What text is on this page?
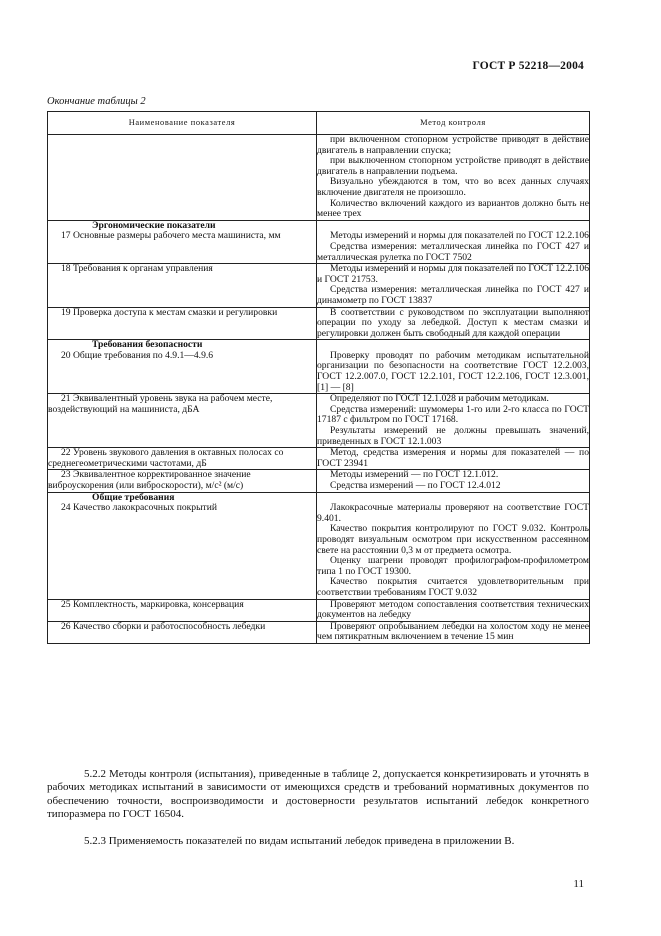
ГОСТ Р 52218—2004
Окончание таблицы 2
Наименование показателя	Метод контроля

	при включенном стопорном устройстве приводят в действие двигатель в направлении спуска;
при выключенном стопорном устройстве приводят в действие двигатель в направлении подъема.
Визуально убеждаются в том, что во всех данных случаях включение двигателя не произошло.
Количество включений каждого из вариантов должно быть не менее трех

Эргономические показатели	

17 Основные размеры рабочего места машиниста, мм	Методы измерений и нормы для показателей по ГОСТ 12.2.106
Средства измерения: металлическая линейка по ГОСТ 427 и металлическая рулетка по ГОСТ 7502

18 Требования к органам управления	Методы измерений и нормы для показателей по ГОСТ 12.2.106 и ГОСТ 21753.
Средства измерения: металлическая линейка по ГОСТ 427 и динамометр по ГОСТ 13837

19 Проверка доступа к местам смазки и регулировки	В соответствии с руководством по эксплуатации выполняют операции по уходу за лебедкой. Доступ к местам смазки и регулировки должен быть свободный для каждой операции

Требования безопасности	

20 Общие требования по 4.9.1—4.9.6	Проверку проводят по рабочим методикам испытательной организации по безопасности на соответствие ГОСТ 12.2.003, ГОСТ 12.2.007.0, ГОСТ 12.2.101, ГОСТ 12.2.106, ГОСТ 12.3.001, [1] — [8]

21 Эквивалентный уровень звука на рабочем месте, воздействующий на машиниста, дБА	Определяют по ГОСТ 12.1.028 и рабочим методикам.
Средства измерений: шумомеры 1-го или 2-го класса по ГОСТ 17187 с фильтром по ГОСТ 17168.
Результаты измерений не должны превышать значений, приведенных в ГОСТ 12.1.003

22 Уровень звукового давления в октавных полосах со среднегеометрическими частотами, дБ	Метод, средства измерения и нормы для показателей — по ГОСТ 23941

23 Эквивалентное корректированное значение виброускорения (или виброскорости), м/с² (м/с)	Методы измерений — по ГОСТ 12.1.012.
Средства измерений — по ГОСТ 12.4.012

Общие требования	

24 Качество лакокрасочных покрытий	Лакокрасочные материалы проверяют на соответствие ГОСТ 9.401.
Качество покрытия контролируют по ГОСТ 9.032. Контроль проводят визуальным осмотром при искусственном рассеянном свете на расстоянии 0,3 м от предмета осмотра.
Оценку шагрени проводят профилографом-профилометром типа 1 по ГОСТ 19300.
Качество покрытия считается удовлетворительным при соответствии требованиям ГОСТ 9.032

25 Комплектность, маркировка, консервация	Проверяют методом сопоставления соответствия технических документов на лебедку

26 Качество сборки и работоспособность лебедки	Проверяют опробыванием лебедки на холостом ходу не менее чем пятикратным включением в течение 15 мин
5.2.2 Методы контроля (испытания), приведенные в таблице 2, допускается конкретизировать и уточнять в рабочих методиках испытаний в зависимости от имеющихся средств и требований нормативных документов по обеспечению точности, воспроизводимости и достоверности результатов испытаний лебедок конкретного типоразмера по ГОСТ 16504.
5.2.3 Применяемость показателей по видам испытаний лебедок приведена в приложении В.
11
